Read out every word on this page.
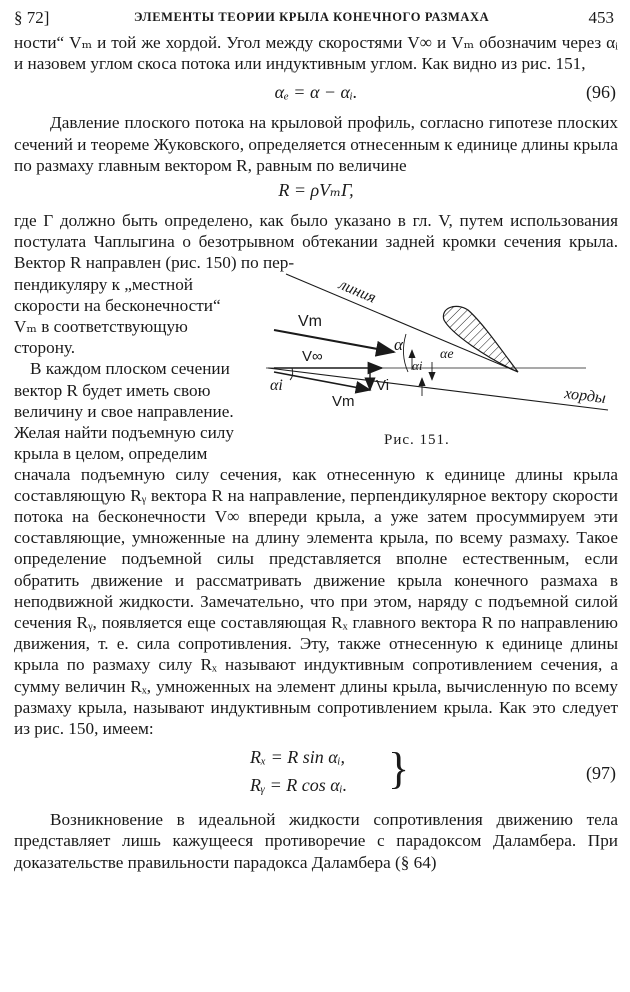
§ 72]	ЭЛЕМЕНТЫ ТЕОРИИ КРЫЛА КОНЕЧНОГО РАЗМАХА	453

ности“ Vₘ и той же хордой. Угол между скоростями V∞ и Vₘ обозначим через αᵢ и назовем углом скоса потока или индуктивным углом. Как видно из рис. 151,

αₑ = α − αᵢ.	(96)

Давление плоского потока на крыловой профиль, согласно гипотезе плоских сечений и теореме Жуковского, определяется отнесенным к единице длины крыла по размаху главным вектором R, равным по величине

R = ρVₘΓ,

где Γ должно быть определено, как было указано в гл. V, путем использования постулата Чаплыгина о безотрывном обтекании задней кромки сечения крыла. Вектор R направлен (рис. 150) по пер-

пендикуляру к „местной скорости на бесконечности“ Vₘ в соответствующую сторону.

В каждом плоском сечении вектор R будет иметь свою величину и свое направление. Желая найти подъемную силу крыла в целом, определим

линия
хорды
Vm
V∞
Vm
Vi
α
αi
αe
αi
Рис. 151.

сначала подъемную силу сечения, как отнесенную к единице длины крыла составляющую Rᵧ вектора R на направление, перпендикулярное вектору скорости потока на бесконечности V∞ впереди крыла, а уже затем просуммируем эти составляющие, умноженные на длину элемента крыла, по всему размаху. Такое определение подъемной силы представляется вполне естественным, если обратить движение и рассматривать движение крыла конечного размаха в неподвижной жидкости. Замечательно, что при этом, наряду с подъемной силой сечения Rᵧ, появляется еще составляющая Rₓ главного вектора R по направлению движения, т. е. сила сопротивления. Эту, также отнесенную к единице длины крыла по размаху силу Rₓ называют индуктивным сопротивлением сечения, а сумму величин Rₓ, умноженных на элемент длины крыла, вычисленную по всему размаху крыла, называют индуктивным сопротивлением крыла. Как это следует из рис. 150, имеем:

Rₓ = R sin αᵢ,
Rᵧ = R cos αᵢ. }	(97)

Возникновение в идеальной жидкости сопротивления движению тела представляет лишь кажущееся противоречие с парадоксом Даламбера. При доказательстве правильности парадокса Даламбера (§ 64)
